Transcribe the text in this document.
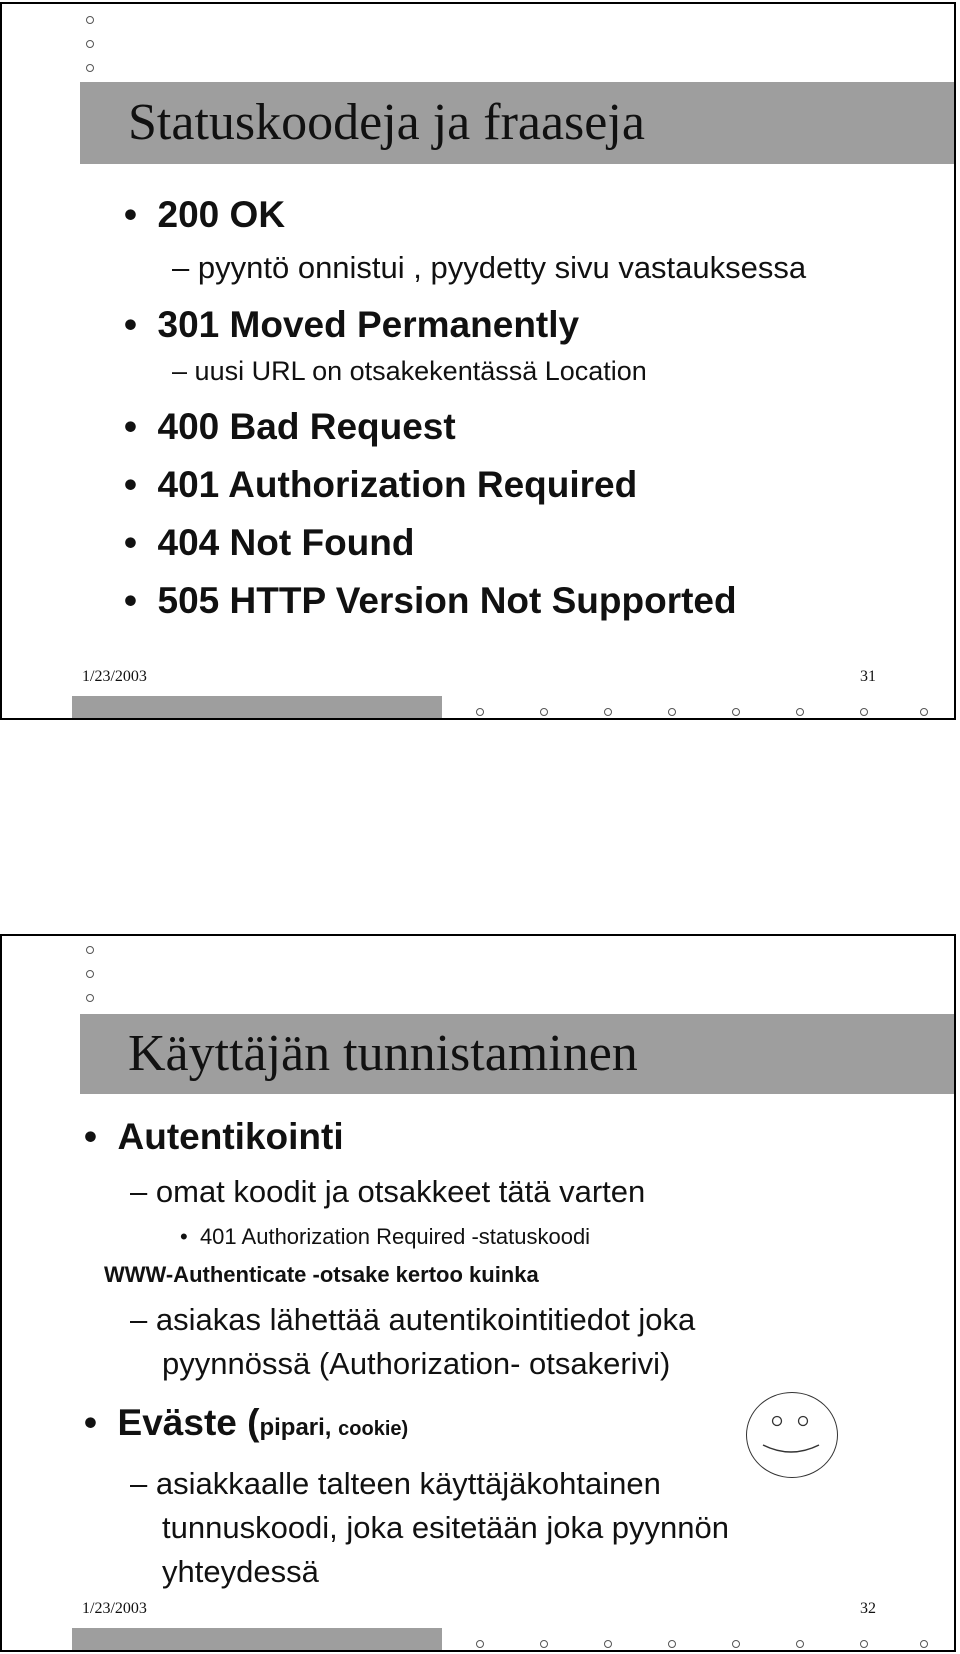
Statuskoodeja ja fraaseja
• 200 OK
– pyyntö onnistui , pyydetty sivu vastauksessa
• 301 Moved Permanently
– uusi URL on otsakekentässä Location
• 400 Bad Request
• 401 Authorization Required
• 404 Not Found
• 505 HTTP Version Not Supported
1/23/2003	31
Käyttäjän tunnistaminen
• Autentikointi
– omat koodit ja otsakkeet tätä varten
• 401 Authorization Required -statuskoodi
WWW-Authenticate -otsake kertoo kuinka
– asiakas lähettää autentikointitiedot joka
pyynnössä (Authorization- otsakerivi)
• Eväste (pipari, cookie)
– asiakkaalle talteen käyttäjäkohtainen
tunnuskoodi, joka esitetään joka pyynnön
yhteydessä
1/23/2003	32
